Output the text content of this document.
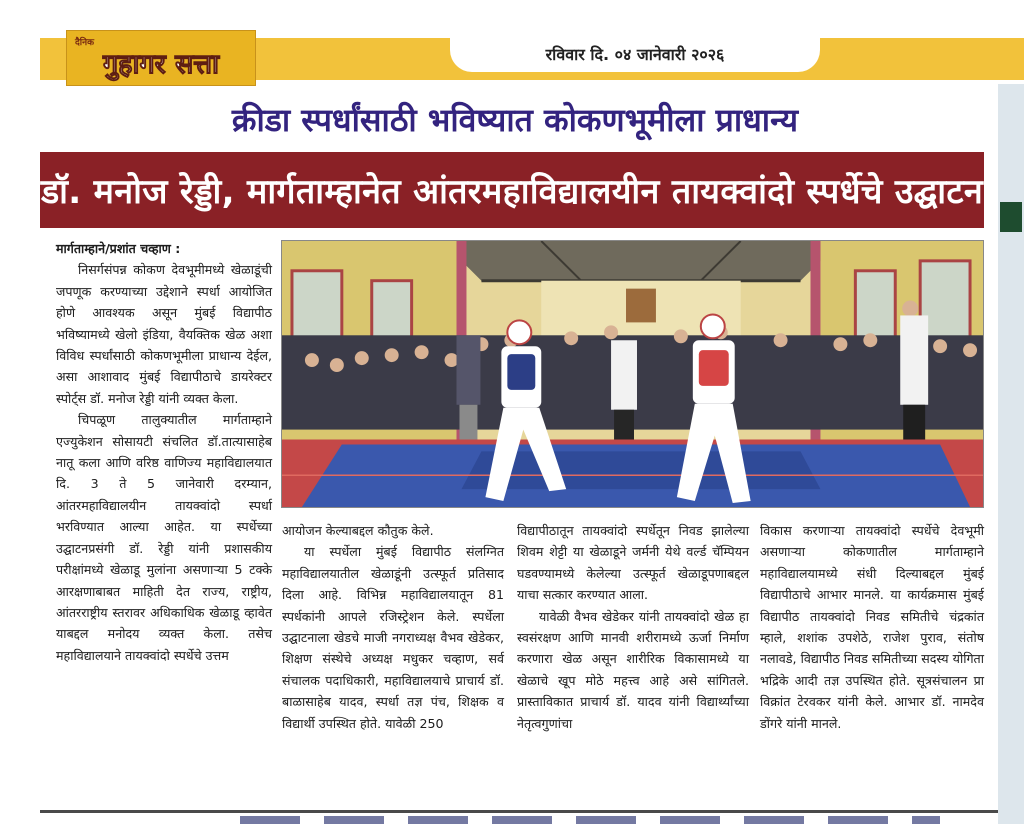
दैनिक
गुहागर सत्ता	रविवार दि. ०४ जानेवारी २०२६
क्रीडा स्पर्धांसाठी भविष्यात कोकणभूमीला प्राधान्य
डॉ. मनोज रेड्डी, मार्गताम्हानेत आंतरमहाविद्यालयीन तायक्वांदो स्पर्धेचे उद्घाटन

मार्गताम्हाने/प्रशांत चव्हाण :

निसर्गसंपन्न कोकण देवभूमीमध्ये खेळाडूंची जपणूक करण्याच्या उद्देशाने स्पर्धा आयोजित होणे आवश्यक असून मुंबई विद्यापीठ भविष्यामध्ये खेलो इंडिया, वैयक्तिक खेळ अशा विविध स्पर्धांसाठी कोकणभूमीला प्राधान्य देईल, असा आशावाद मुंबई विद्यापीठाचे डायरेक्टर स्पोर्ट्स डॉ. मनोज रेड्डी यांनी व्यक्त केला.

चिपळूण तालुक्यातील मार्गताम्हाने एज्युकेशन सोसायटी संचलित डॉ.तात्यासाहेब नातू कला आणि वरिष्ठ वाणिज्य महाविद्यालयात दि. 3 ते 5 जानेवारी दरम्यान, आंतरमहाविद्यालयीन तायक्वांदो स्पर्धा भरविण्यात आल्या आहेत. या स्पर्धेच्या उद्घाटनप्रसंगी डॉ. रेड्डी यांनी प्रशासकीय परीक्षांमध्ये खेळाडू मुलांना असणाऱ्या 5 टक्के आरक्षणाबाबत माहिती देत राज्य, राष्ट्रीय, आंतरराष्ट्रीय स्तरावर अधिकाधिक खेळाडू व्हावेत याबद्दल मनोदय व्यक्त केला. तसेच महाविद्यालयाने तायक्वांदो स्पर्धेचे उत्तम

आयोजन केल्याबद्दल कौतुक केले.

या स्पर्धेला मुंबई विद्यापीठ संलग्नित महाविद्यालयातील खेळाडूंनी उत्स्फूर्त प्रतिसाद दिला आहे. विभिन्न महाविद्यालयातून 81 स्पर्धकांनी आपले रजिस्ट्रेशन केले. स्पर्धेला उद्घाटनाला खेडचे माजी नगराध्यक्ष वैभव खेडेकर, शिक्षण संस्थेचे अध्यक्ष मधुकर चव्हाण, सर्व संचालक पदाधिकारी, महाविद्यालयाचे प्राचार्य डॉ. बाळासाहेब यादव, स्पर्धा तज्ञ पंच, शिक्षक व विद्यार्थी उपस्थित होते. यावेळी 250

विद्यापीठातून तायक्वांदो स्पर्धेतून निवड झालेल्या शिवम शेट्टी या खेळाडूने जर्मनी येथे वर्ल्ड चॅम्पियन घडवण्यामध्ये केलेल्या उत्स्फूर्त खेळाडूपणाबद्दल याचा सत्कार करण्यात आला.

यावेळी वैभव खेडेकर यांनी तायक्वांदो खेळ हा स्वसंरक्षण आणि मानवी शरीरामध्ये ऊर्जा निर्माण करणारा खेळ असून शारीरिक विकासामध्ये या खेळाचे खूप मोठे महत्त्व आहे असे सांगितले. प्रास्ताविकात प्राचार्य डॉ. यादव यांनी विद्यार्थ्यांच्या नेतृत्वगुणांचा

विकास करणाऱ्या तायक्वांदो स्पर्धेचे देवभूमी असणाऱ्या कोकणातील मार्गताम्हाने महाविद्यालयामध्ये संधी दिल्याबद्दल मुंबई विद्यापीठाचे आभार मानले. या कार्यक्रमास मुंबई विद्यापीठ तायक्वांदो निवड समितीचे चंद्रकांत म्हाले, शशांक उपशेठे, राजेश पुराव, संतोष नलावडे, विद्यापीठ निवड समितीच्या सदस्य योगिता भद्रिके आदी तज्ञ उपस्थित होते. सूत्रसंचालन प्रा विक्रांत टेरवकर यांनी केले. आभार डॉ. नामदेव डोंगरे यांनी मानले.
